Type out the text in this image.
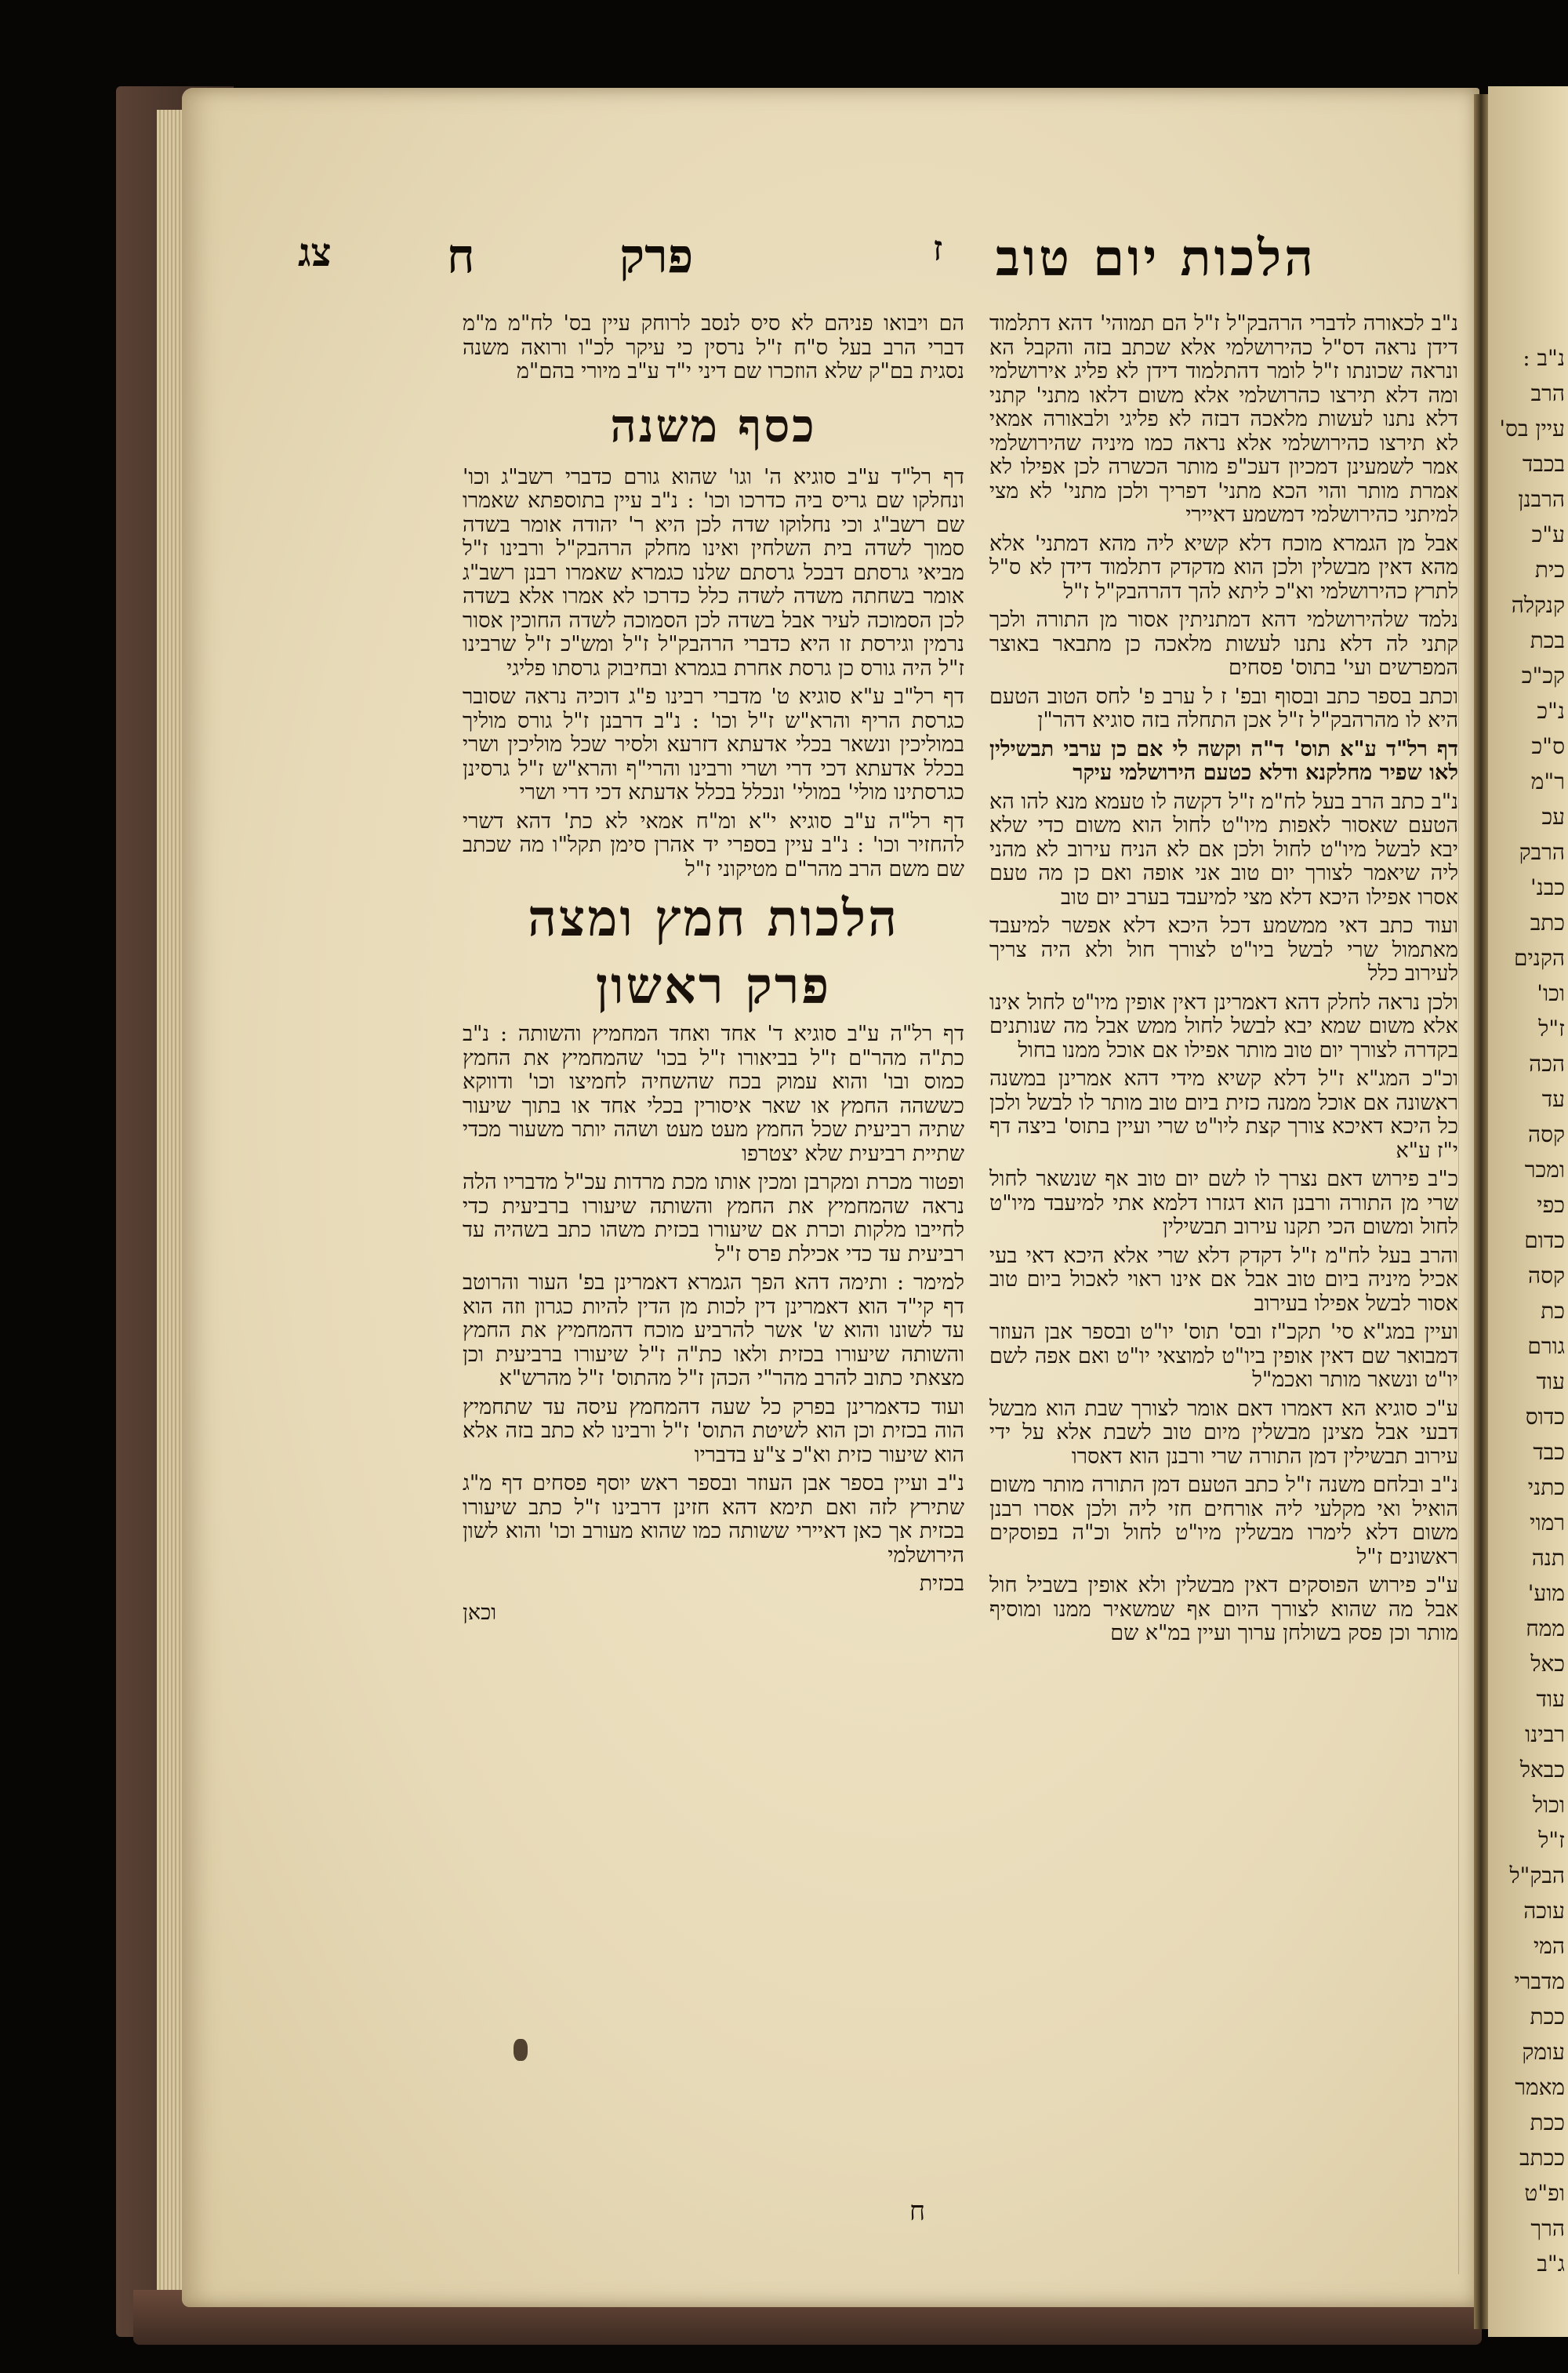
הלכות יום טוב
ז
פרק
ח
צג

נ"ב לכאורה לדברי הרהבק"ל ז"ל הם תמוהי' דהא דתלמוד דידן נראה דס"ל כהירושלמי אלא שכתב בזה והקבל הא ונראה שכונתו ז"ל לומר דהתלמוד דידן לא פליג אירושלמי ומה דלא תירצו כהרושלמי אלא משום דלאו מתני' קתני דלא נתנו לעשות מלאכה דבזה לא פליגי ולבאורה אמאי לא תירצו כהירושלמי אלא נראה כמו מיניה שהירושלמי אמר לשמעינן דמכיון דעכ"פ מותר הכשרה לכן אפילו לא אמרת מותר והוי הכא מתני' דפריך ולכן מתני' לא מצי למיתני כהירושלמי דמשמע דאיירי

אבל מן הגמרא מוכח דלא קשיא ליה מהא דמתני' אלא מהא דאין מבשלין ולכן הוא מדקדק דתלמוד דידן לא ס"ל לתרץ כהירושלמי וא"כ ליתא להך דהרהבק"ל ז"ל

נלמד שלהירושלמי דהא דמתניתין אסור מן התורה ולכך קתני לה דלא נתנו לעשות מלאכה כן מתבאר באוצר המפרשים ועי' בתוס' פסחים

וכתב בספר כתב ובסוף ובפ' ז ל ערב פ' לחס הטוב הטעם היא לו מהרהבק"ל ז"ל אכן התחלה בזה סוגיא דהר"ן

דף רל"ד ע"א תוס' ד"ה וקשה לי אם כן ערבי תבשילין לאו שפיר מחלקנא ודלא כטעם הירושלמי עיקר

נ"ב כתב הרב בעל לח"מ ז"ל דקשה לו טעמא מנא להו הא הטעם שאסור לאפות מיו"ט לחול הוא משום כדי שלא יבא לבשל מיו"ט לחול ולכן אם לא הניח עירוב לא מהני ליה שיאמר לצורך יום טוב אני אופה ואם כן מה טעם אסרו אפילו היכא דלא מצי למיעבד בערב יום טוב

ועוד כתב דאי ממשמע דכל היכא דלא אפשר למיעבד מאתמול שרי לבשל ביו"ט לצורך חול ולא היה צריך לעירוב כלל

ולכן נראה לחלק דהא דאמרינן דאין אופין מיו"ט לחול אינו אלא משום שמא יבא לבשל לחול ממש אבל מה שנותנים בקדרה לצורך יום טוב מותר אפילו אם אוכל ממנו בחול

וכ"כ המג"א ז"ל דלא קשיא מידי דהא אמרינן במשנה ראשונה אם אוכל ממנה כזית ביום טוב מותר לו לבשל ולכן כל היכא דאיכא צורך קצת ליו"ט שרי ועיין בתוס' ביצה דף י"ז ע"א

כ"ב פירוש דאם נצרך לו לשם יום טוב אף שנשאר לחול שרי מן התורה ורבנן הוא דגזרו דלמא אתי למיעבד מיו"ט לחול ומשום הכי תקנו עירוב תבשילין

והרב בעל לח"מ ז"ל דקדק דלא שרי אלא היכא דאי בעי אכיל מיניה ביום טוב אבל אם אינו ראוי לאכול ביום טוב אסור לבשל אפילו בעירוב

ועיין במג"א סי' תקכ"ז ובס' תוס' יו"ט ובספר אבן העוזר דמבואר שם דאין אופין ביו"ט למוצאי יו"ט ואם אפה לשם יו"ט ונשאר מותר ואכמ"ל

ע"כ סוגיא הא דאמרו דאם אומר לצורך שבת הוא מבשל דבעי אבל מצינן מבשלין מיום טוב לשבת אלא על ידי עירוב תבשילין דמן התורה שרי ורבנן הוא דאסרו

נ"ב ובלחם משנה ז"ל כתב הטעם דמן התורה מותר משום הואיל ואי מקלעי ליה אורחים חזי ליה ולכן אסרו רבנן משום דלא לימרו מבשלין מיו"ט לחול וכ"ה בפוסקים ראשונים ז"ל

ע"כ פירוש הפוסקים דאין מבשלין ולא אופין בשביל חול אבל מה שהוא לצורך היום אף שמשאיר ממנו ומוסיף מותר וכן פסק בשולחן ערוך ועיין במ"א שם

הם ויבואו פניהם לא סיס לנסב לרוחק עיין בס' לח"מ מ"מ דברי הרב בעל ס"ח ז"ל נרסין כי עיקר לכ"ו ורואה משנה נסגית בם"ק שלא הוזכרו שם דיני י"ד ע"ב מיורי בהם"מ

כסף משנה

דף רל"ד ע"ב סוגיא ה' וגו' שהוא גורם כדברי רשב"ג וכו' ונחלקו שם גריס ביה כדרכו וכו' : נ"ב עיין בתוספתא שאמרו שם רשב"ג וכי נחלוקו שדה לכן היא ר' יהודה אומר בשדה סמוך לשדה בית השלחין ואינו מחלק הרהבק"ל ורבינו ז"ל מביאי גרסתם דבכל גרסתם שלנו כגמרא שאמרו רבנן רשב"ג אומר בשחתה משדה לשדה כלל כדרכו לא אמרו אלא בשדה לכן הסמוכה לעיר אבל בשדה לכן הסמוכה לשדה החוכין אסור נרמין וגירסת זו היא כדברי הרהבק"ל ז"ל ומש"כ ז"ל שרבינו ז"ל היה גורס כן גרסת אחרת בגמרא ובחיבוק גרסתו פליגי

דף רל"ב ע"א סוגיא ט' מדברי רבינו פ"ג דוכיה נראה שסובר כגרסת הריף והרא"ש ז"ל וכו' : נ"ב דרבנן ז"ל גורס מוליך במוליכין ונשאר בכלי אדעתא דזרעא ולסיר שכל מוליכין ושרי בכלל אדעתא דכי דרי ושרי ורבינו והרי"ף והרא"ש ז"ל גרסינן כגרסתינו מולי' במולי' ונכלל בכלל אדעתא דכי דרי ושרי

דף רל"ה ע"ב סוגיא י"א ומ"ח אמאי לא כת' דהא דשרי להחזיר וכו' : נ"ב עיין בספרי יד אהרן סימן תקל"ו מה שכתב שם משם הרב מהר"ם מטיקוני ז"ל

הלכות חמץ ומצה
פרק ראשון

דף רל"ה ע"ב סוגיא ד' אחד ואחד המחמיץ והשותה : נ"ב כת"ה מהר"ם ז"ל בביאורו ז"ל בכו' שהמחמיץ את החמץ כמוס ובו' והוא עמוק בכח שהשחיה לחמיצו וכו' ודווקא כששהה החמץ או שאר איסורין בכלי אחד או בתוך שיעור שתיה רביעית שכל החמץ מעט מעט ושהה יותר משעור מכדי שתיית רביעית שלא יצטרפו

ופטור מכרת ומקרבן ומכין אותו מכת מרדות עכ"ל מדבריו הלה נראה שהמחמיץ את החמץ והשותה שיעורו ברביעית כדי לחייבו מלקות וכרת אם שיעורו בכזית משהו כתב בשהיה עד רביעית עד כדי אכילת פרס ז"ל

למימר : ותימה דהא הפך הגמרא דאמרינן בפ' העור והרוטב דף קי"ד הוא דאמרינן דין לכות מן הדין להיות כגרון וזה הוא עד לשונו והוא ש' אשר להרביע מוכח דהמחמיץ את החמץ והשותה שיעורו בכזית ולאו כת"ה ז"ל שיעורו ברביעית וכן מצאתי כתוב להרב מהר"י הכהן ז"ל מהתוס' ז"ל מהרש"א

ועוד כדאמרינן בפרק כל שעה דהמחמץ עיסה עד שתחמיץ הוה בכזית וכן הוא לשיטת התוס' ז"ל ורבינו לא כתב בזה אלא הוא שיעור כזית וא"כ צ"ע בדבריו

נ"ב ועיין בספר אבן העוזר ובספר ראש יוסף פסחים דף מ"ג שתירץ לזה ואם תימא דהא חזינן דרבינו ז"ל כתב שיעורו בכזית אך כאן דאיירי ששותה כמו שהוא מעורב וכו' והוא לשון הירושלמי

בכזית

וכאן

ח
נ"ב :
הרב
עיין בס'
בכבד
הרבנן
ע"כ
כית
קנקלה
בכת
קכ"כ
נ"כ
ס"כ
ר"מ
עכ
הרבק
כבנ'
כתב
הקנים
וכו'
ז"ל
הכה
עד
קסה
ומכר
כפי
כדום
קסה
כת
גורם
עוד
כדוס
כבד
כתני
רמוי
תנה
מוע'
ממח
כאל
עוד
רבינו
כבאל
וכול
ז"ל
הבק"ל
עוכה
המי
מדברי
ככת
עומק
מאמר
ככת
ככתב
ופ"ט
הרך
ג"ב
